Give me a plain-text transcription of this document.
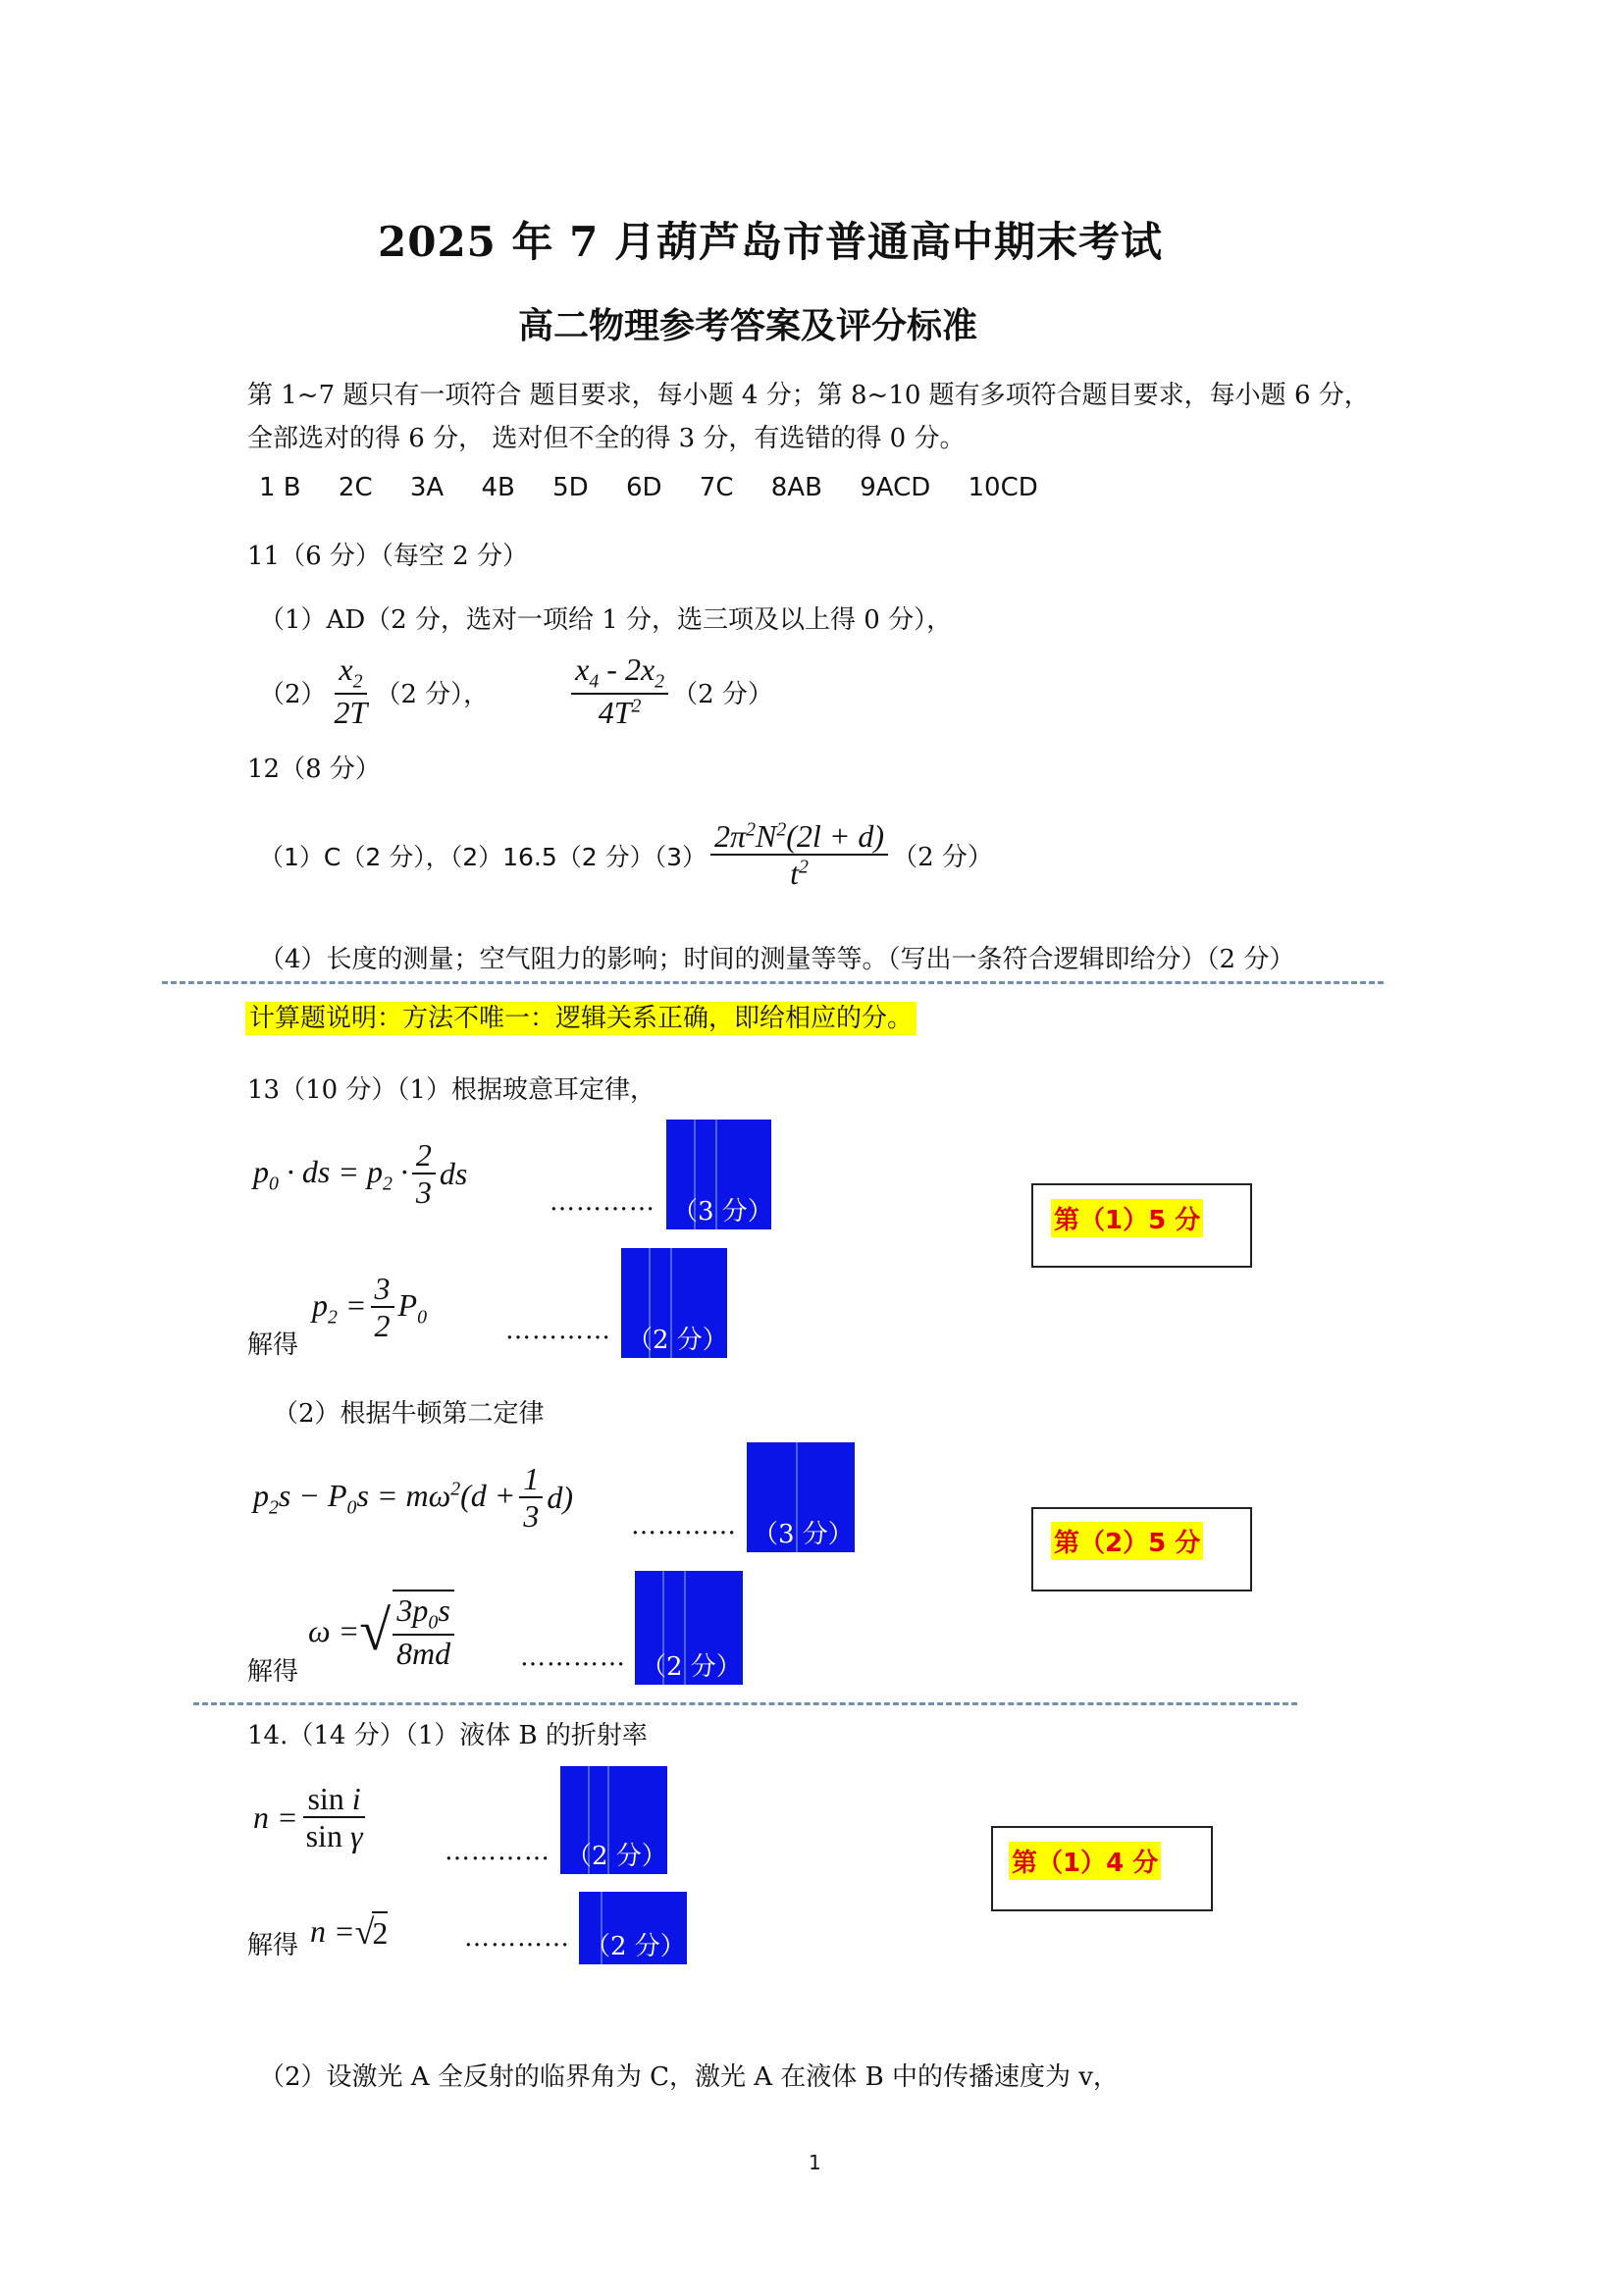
2025 年 7 月葫芦岛市普通高中期末考试
高二物理参考答案及评分标准
第 1~7 题只有一项符合 题目要求，每小题 4 分；第 8~10 题有多项符合题目要求，每小题 6 分，
全部选对的得 6 分， 选对但不全的得 3 分，有选错的得 0 分。
1 B 2C 3A 4B 5D 6D 7C 8AB 9ACD 10CD
11（6 分）（每空 2 分）
（1）AD（2 分，选对一项给 1 分，选三项及以上得 0 分），
$(2) \frac{x_2}{2T} (2$ 分），	$\frac{x_4 - 2x_2}{4T^2} (2$ 分）
12（8 分）
（1）C（2 分），（2）16.5（2 分）$(3) \frac{2\pi^2N^2(2l + d)}{t^2} (2$ 分）
（4）长度的测量；空气阻力的影响；时间的测量等等。（写出一条符合逻辑即给分）（2 分）
计算题说明：方法不唯一：逻辑关系正确，即给相应的分。
13（10 分）（1）根据玻意耳定律，
$p_0$ · ds = $p_2 \cdot \frac{2}{3}$ ds
………… （3 分）	第（1）5 分
解得
$p_2 = \frac{3}{2} P_0$	………… （2 分）
（2）根据牛顿第二定律
$p_2s - P_0s = m\omega^2(d + \frac{1}{3} d)$
………… （3 分）	第（2）5 分
解得
ω = √ $\frac{3p_0s}{8md}$	………… （2 分）
14.（14 分）（1）液体 B 的折射率
$n = \frac{\text{sin i}}{\text{sin γ}}$	………… （2 分）	第（1）4 分
解得 n = √
2	………… （2 分）
（2）设激光 A 全反射的临界角为 C，激光 A 在液体 B 中的传播速度为 v，
1
